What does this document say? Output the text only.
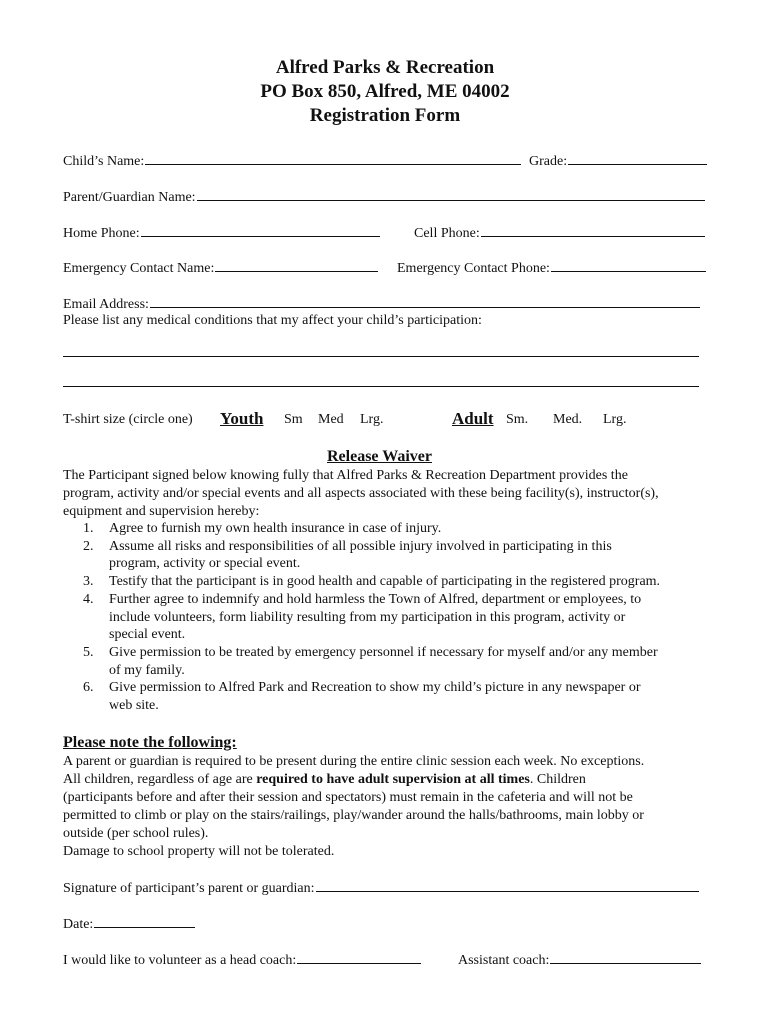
Alfred Parks & Recreation
PO Box 850, Alfred, ME 04002
Registration Form
Child’s Name:	Grade:
Parent/Guardian Name:
Home Phone:	Cell Phone:
Emergency Contact Name:	Emergency Contact Phone:
Email Address:
Please list any medical conditions that my affect your child’s participation:
T-shirt size (circle one) Youth Sm Med Lrg.	Adult Sm. Med. Lrg.
Release Waiver
The Participant signed below knowing fully that Alfred Parks & Recreation Department provides the
program, activity and/or special events and all aspects associated with these being facility(s), instructor(s),
equipment and supervision hereby:
1. Agree to furnish my own health insurance in case of injury.
2. Assume all risks and responsibilities of all possible injury involved in participating in this
program, activity or special event.
3. Testify that the participant is in good health and capable of participating in the registered program.
4. Further agree to indemnify and hold harmless the Town of Alfred, department or employees, to
include volunteers, form liability resulting from my participation in this program, activity or
special event.
5. Give permission to be treated by emergency personnel if necessary for myself and/or any member
of my family.
6. Give permission to Alfred Park and Recreation to show my child’s picture in any newspaper or
web site.
Please note the following:
A parent or guardian is required to be present during the entire clinic session each week. No exceptions.
All children, regardless of age are required to have adult supervision at all times. Children
(participants before and after their session and spectators) must remain in the cafeteria and will not be
permitted to climb or play on the stairs/railings, play/wander around the halls/bathrooms, main lobby or
outside (per school rules).
Damage to school property will not be tolerated.
Signature of participant’s parent or guardian:
Date:
I would like to volunteer as a head coach:	Assistant coach:
